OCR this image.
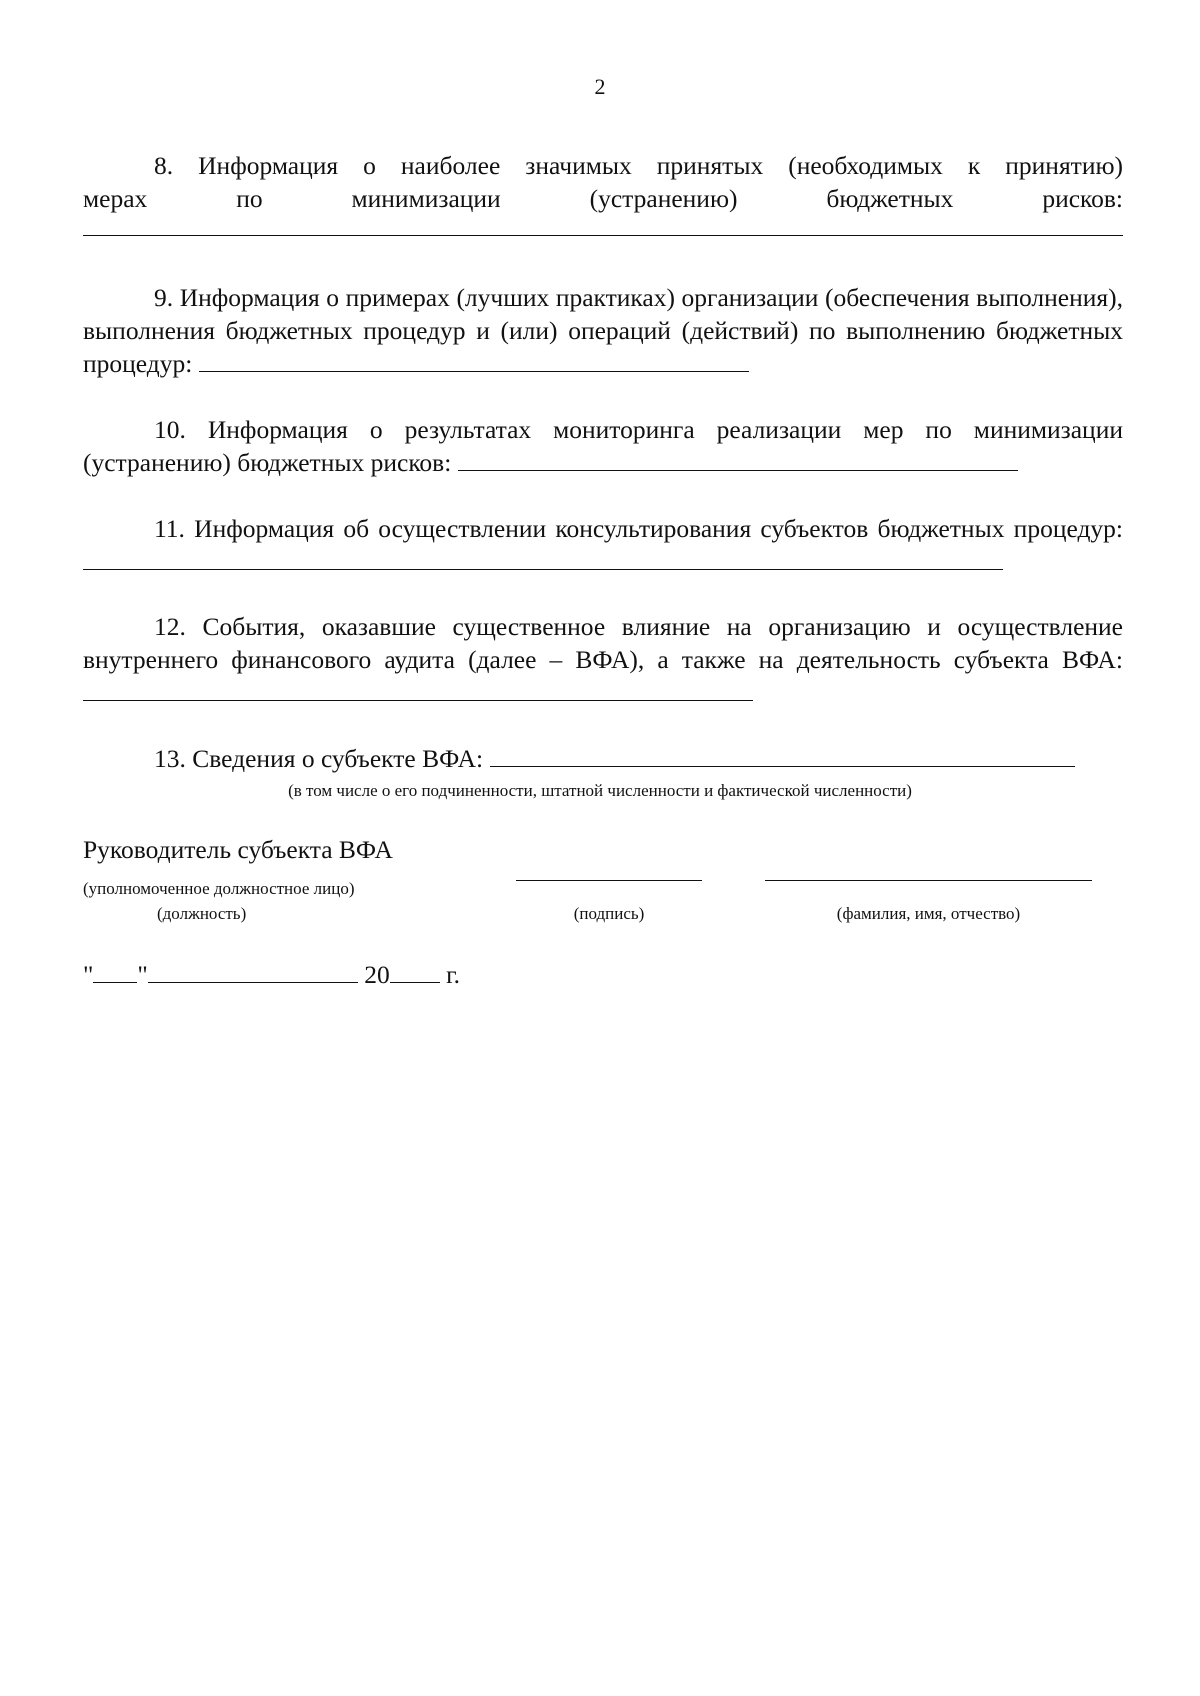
2
8. Информация о наиболее значимых принятых (необходимых к принятию)
мерах по минимизации (устранению) бюджетных рисков:
9. Информация о примерах (лучших практиках) организации (обеспечения выполнения), выполнения бюджетных процедур и (или) операций (действий) по выполнению бюджетных процедур:
10. Информация о результатах мониторинга реализации мер по минимизации (устранению) бюджетных рисков:
11. Информация об осуществлении консультирования субъектов бюджетных процедур:
12. События, оказавшие существенное влияние на организацию и осуществление внутреннего финансового аудита (далее – ВФА), а также на деятельность субъекта ВФА:
13. Сведения о субъекте ВФА:
(в том числе о его подчиненности, штатной численности и фактической численности)
Руководитель субъекта ВФА
(уполномоченное должностное лицо)
(должность)	(подпись)	(фамилия, имя, отчество)
" "	20 г.
